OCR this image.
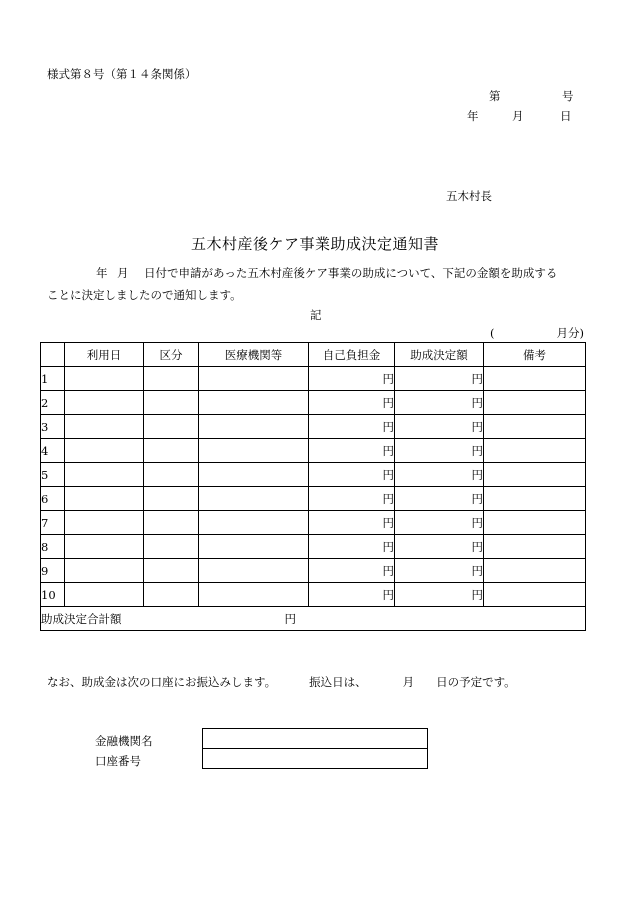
様式第８号（第１４条関係）
第	号
年	月	日
五木村長
五木村産後ケア事業助成決定通知書
年 月 日付で申請があった五木村産後ケア事業の助成について、下記の金額を助成する
ことに決定しましたので通知します。
記
(	月分)
	利用日	区分	医療機関等	自己負担金	助成決定額	備考
1				円	円	
2				円	円	
3				円	円	
4				円	円	
5				円	円	
6				円	円	
7				円	円	
8				円	円	
9				円	円	
10				円	円	
助成決定合計額 円						
なお、助成金は次の口座にお振込みします。	振込日は、	月 日の予定です。
金融機関名
口座番号
